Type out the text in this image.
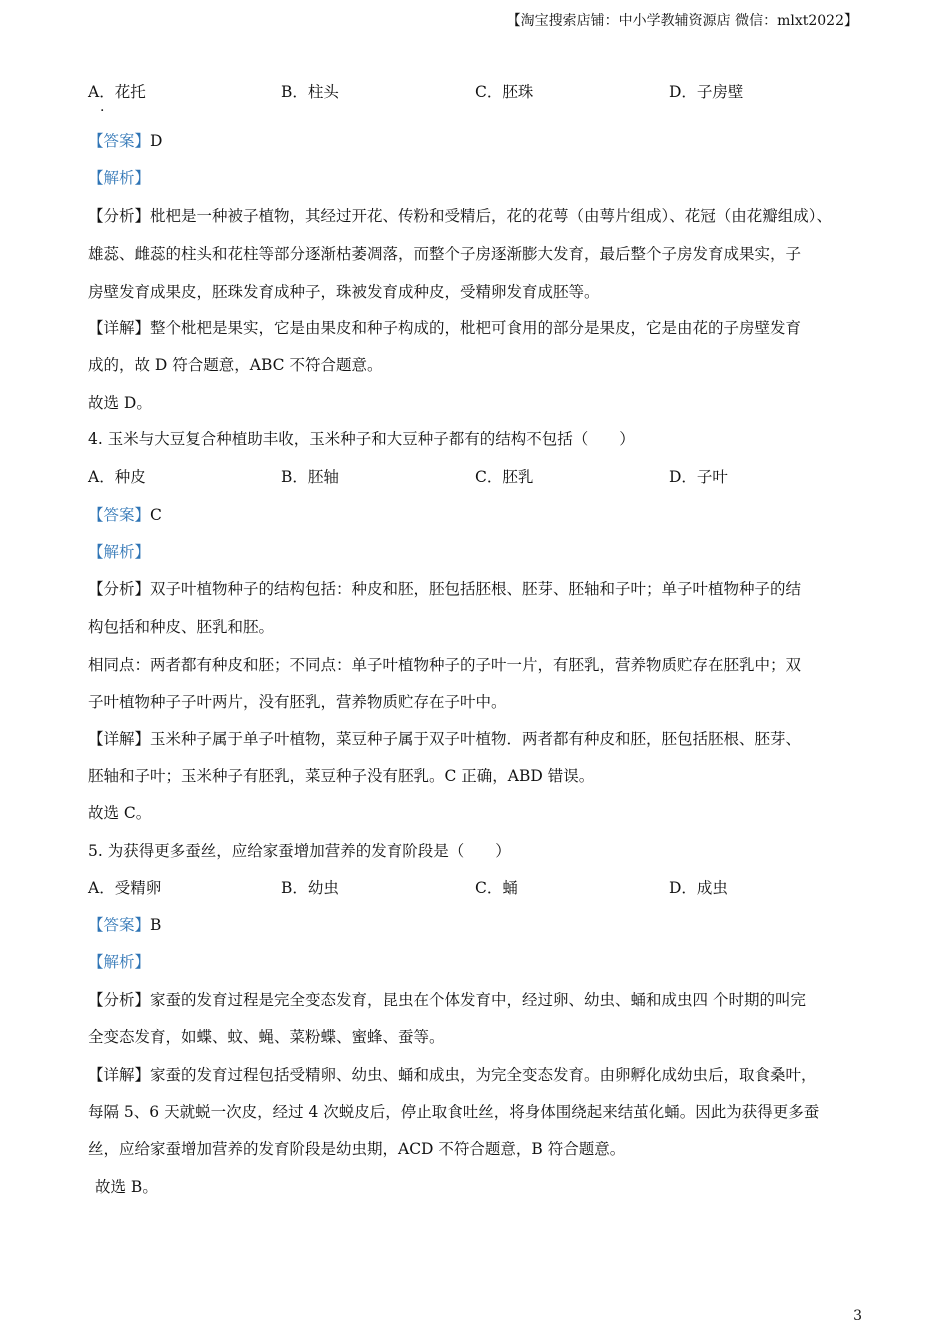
【淘宝搜索店铺：中小学教辅资源店 微信：mlxt2022】
A．花托
·
B．柱头	C．胚珠	D．子房壁
【答案】D
【解析】
【分析】枇杷是一种被子植物，其经过开花、传粉和受精后，花的花萼（由萼片组成）、花冠（由花瓣组成）、
雄蕊、雌蕊的柱头和花柱等部分逐渐枯萎凋落，而整个子房逐渐膨大发育，最后整个子房发育成果实，子
房壁发育成果皮，胚珠发育成种子，珠被发育成种皮，受精卵发育成胚等。
【详解】整个枇杷是果实，它是由果皮和种子构成的，枇杷可食用的部分是果皮，它是由花的子房壁发育
成的，故 D 符合题意，ABC 不符合题意。
故选 D。
4. 玉米与大豆复合种植助丰收，玉米种子和大豆种子都有的结构不包括（　　）
A．种皮	B．胚轴	C．胚乳	D．子叶
【答案】C
【解析】
【分析】双子叶植物种子的结构包括：种皮和胚，胚包括胚根、胚芽、胚轴和子叶；单子叶植物种子的结
构包括和种皮、胚乳和胚。
相同点：两者都有种皮和胚；不同点：单子叶植物种子的子叶一片，有胚乳，营养物质贮存在胚乳中；双
子叶植物种子子叶两片，没有胚乳，营养物质贮存在子叶中。
【详解】玉米种子属于单子叶植物，菜豆种子属于双子叶植物．两者都有种皮和胚，胚包括胚根、胚芽、
胚轴和子叶；玉米种子有胚乳，菜豆种子没有胚乳。C 正确，ABD 错误。
故选 C。
5. 为获得更多蚕丝，应给家蚕增加营养的发育阶段是（　　）
A．受精卵	B．幼虫	C．蛹	D．成虫
【答案】B
【解析】
【分析】家蚕的发育过程是完全变态发育，昆虫在个体发育中，经过卵、幼虫、蛹和成虫四 个时期的叫完
全变态发育，如蝶、蚊、蝇、菜粉蝶、蜜蜂、蚕等。
【详解】家蚕的发育过程包括受精卵、幼虫、蛹和成虫，为完全变态发育。由卵孵化成幼虫后，取食桑叶，
每隔 5、6 天就蜕一次皮，经过 4 次蜕皮后，停止取食吐丝，将身体围绕起来结茧化蛹。因此为获得更多蚕
丝，应给家蚕增加营养的发育阶段是幼虫期，ACD 不符合题意，B 符合题意。
故选 B。
3
